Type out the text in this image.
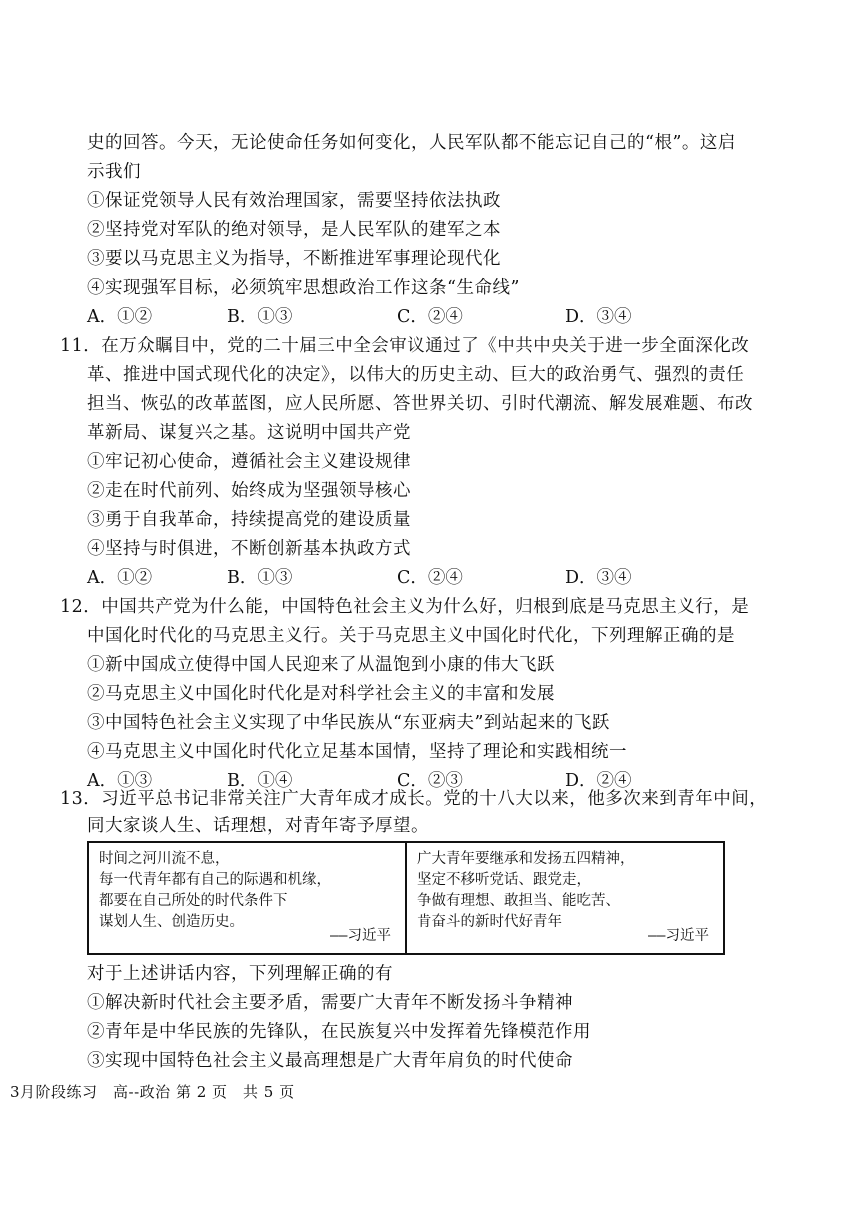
史的回答。今天，无论使命任务如何变化，人民军队都不能忘记自己的“根”。这启
示我们
①保证党领导人民有效治理国家，需要坚持依法执政
②坚持党对军队的绝对领导，是人民军队的建军之本
③要以马克思主义为指导，不断推进军事理论现代化
④实现强军目标，必须筑牢思想政治工作这条“生命线”
A．①②	B．①③	C．②④	D．③④
11．在万众瞩目中，党的二十届三中全会审议通过了《中共中央关于进一步全面深化改
革、推进中国式现代化的决定》，以伟大的历史主动、巨大的政治勇气、强烈的责任
担当、恢弘的改革蓝图，应人民所愿、答世界关切、引时代潮流、解发展难题、布改
革新局、谋复兴之基。这说明中国共产党
①牢记初心使命，遵循社会主义建设规律
②走在时代前列、始终成为坚强领导核心
③勇于自我革命，持续提高党的建设质量
④坚持与时俱进，不断创新基本执政方式
A．①②	B．①③	C．②④	D．③④
12．中国共产党为什么能，中国特色社会主义为什么好，归根到底是马克思主义行，是
中国化时代化的马克思主义行。关于马克思主义中国化时代化，下列理解正确的是
①新中国成立使得中国人民迎来了从温饱到小康的伟大飞跃
②马克思主义中国化时代化是对科学社会主义的丰富和发展
③中国特色社会主义实现了中华民族从“东亚病夫”到站起来的飞跃
④马克思主义中国化时代化立足基本国情，坚持了理论和实践相统一
A．①③	B．①④	C．②③	D．②④
13．习近平总书记非常关注广大青年成才成长。党的十八大以来，他多次来到青年中间，
同大家谈人生、话理想，对青年寄予厚望。
时间之河川流不息，
每一代青年都有自己的际遇和机缘，
都要在自己所处的时代条件下
谋划人生、创造历史。
——习近平
广大青年要继承和发扬五四精神，
坚定不移听党话、跟党走，
争做有理想、敢担当、能吃苦、
肯奋斗的新时代好青年
——习近平
对于上述讲话内容，下列理解正确的有
①解决新时代社会主要矛盾，需要广大青年不断发扬斗争精神
②青年是中华民族的先锋队，在民族复兴中发挥着先锋模范作用
③实现中国特色社会主义最高理想是广大青年肩负的时代使命
3月阶段练习　高--政治 第 2 页　共 5 页
